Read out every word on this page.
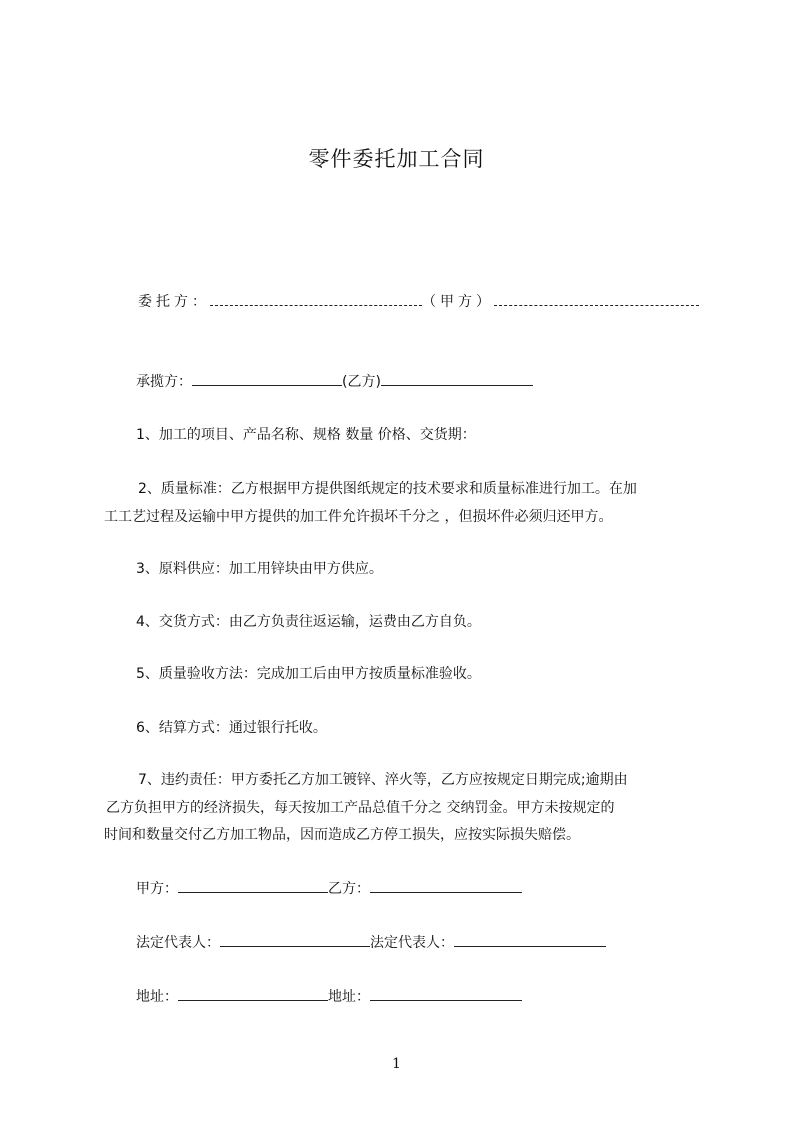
零件委托加工合同
委托方：	（甲方）
承揽方：	(乙方)
1、加工的项目、产品名称、规格 数量 价格、交货期：
2、质量标准：乙方根据甲方提供图纸规定的技术要求和质量标准进行加工。在加
工工艺过程及运输中甲方提供的加工件允许损坏千分之 ，但损坏件必须归还甲方。
3、原料供应：加工用锌块由甲方供应。
4、交货方式：由乙方负责往返运输，运费由乙方自负。
5、质量验收方法：完成加工后由甲方按质量标准验收。
6、结算方式：通过银行托收。
7、违约责任：甲方委托乙方加工镀锌、淬火等，乙方应按规定日期完成;逾期由
乙方负担甲方的经济损失，每天按加工产品总值千分之 交纳罚金。甲方未按规定的
时间和数量交付乙方加工物品，因而造成乙方停工损失，应按实际损失赔偿。
甲方：	乙方：
法定代表人：	法定代表人：
地址：	地址：
1
